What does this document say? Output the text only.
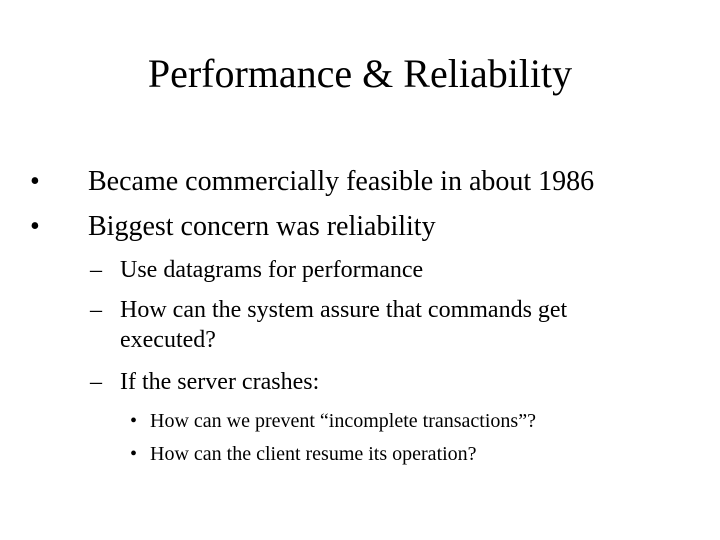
Performance & Reliability
• Became commercially feasible in about 1986
• Biggest concern was reliability
– Use datagrams for performance
– How can the system assure that commands get executed?
– If the server crashes:
• How can we prevent “incomplete transactions”?
• How can the client resume its operation?
